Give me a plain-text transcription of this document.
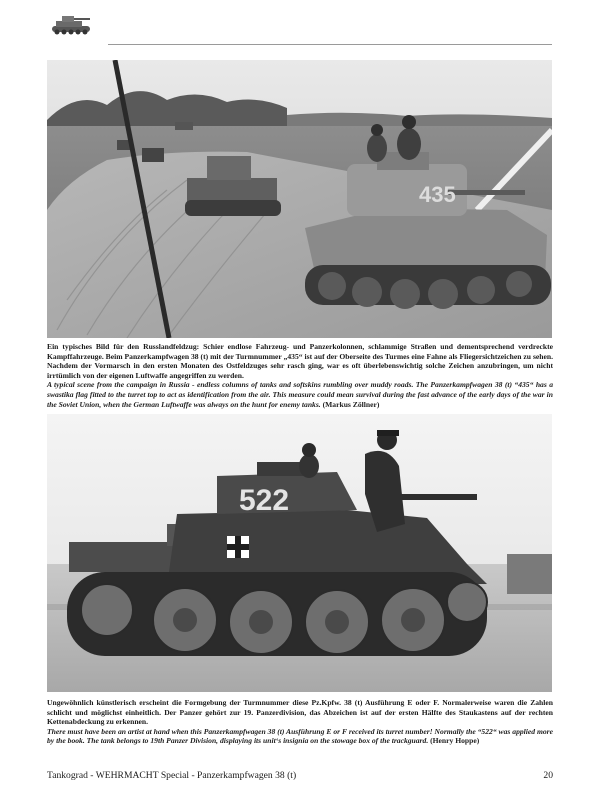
435

Ein typisches Bild für den Russlandfeldzug: Schier endlose Fahrzeug- und Panzerkolonnen, schlammige Straßen und dementsprechend verdreckte Kampffahrzeuge. Beim Panzerkampfwagen 38 (t) mit der Turmnummer „435“ ist auf der Oberseite des Turmes eine Fahne als Fliegersichtzeichen zu sehen. Nachdem der Vormarsch in den ersten Monaten des Ostfeldzuges sehr rasch ging, war es oft überlebenswichtig solche Zeichen anzubringen, um nicht irrtümlich von der eigenen Luftwaffe angegriffen zu werden.

A typical scene from the campaign in Russia - endless columns of tanks and softskins rumbling over muddy roads. The Panzerkampfwagen 38 (t) “435“ has a swastika flag fitted to the turret top to act as identification from the air. This measure could mean survival during the fast advance of the early days of the war in the Soviet Union, when the German Luftwaffe was always on the hunt for enemy tanks. (Markus Zöllner)

522

Ungewöhnlich künstlerisch erscheint die Formgebung der Turmnummer diese Pz.Kpfw. 38 (t) Ausführung E oder F. Normalerweise waren die Zahlen schlicht und möglichst einheitlich. Der Panzer gehört zur 19. Panzerdivision, das Abzeichen ist auf der ersten Hälfte des Staukastens auf der rechten Kettenabdeckung zu erkennen.

There must have been an artist at hand when this Panzerkampfwagen 38 (t) Ausführung E or F received its turret number! Normally the “522“ was applied more by the book. The tank belongs to 19th Panzer Division, displaying its unit‘s insignia on the stowage box of the trackguard. (Henry Hoppe)

Tankograd - WEHRMACHT Special - Panzerkampfwagen 38 (t)	20
